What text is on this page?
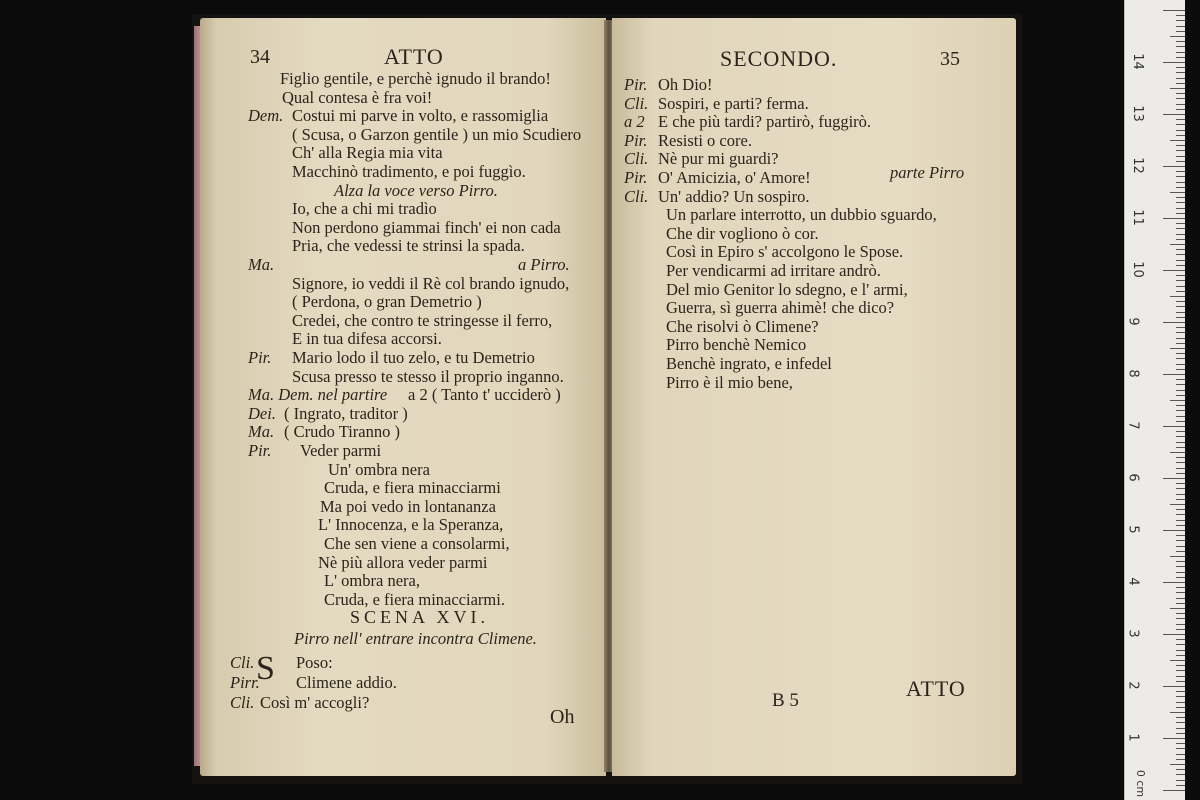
34	ATTO
Figlio gentile, e perchè ignudo il brando!
Qual contesa è fra voi!
Dem. Costui mi parve in volto, e rassomiglia
( Scusa, o Garzon gentile ) un mio Scudiero
Ch' alla Regia mia vita
Macchinò tradimento, e poi fuggìo.
Alza la voce verso Pirro.
Io, che a chi mi tradìo
Non perdono giammai finch' ei non cada
Pria, che vedessi te strinsi la spada.
Ma.	a Pirro.
Signore, io veddi il Rè col brando ignudo,
( Perdona, o gran Demetrio )
Credei, che contro te stringesse il ferro,
E in tua difesa accorsi.
Pir. Mario lodo il tuo zelo, e tu Demetrio
Scusa presso te stesso il proprio inganno.
Ma. Dem. nel partire a 2 ( Tanto t' ucciderò )
Dei. ( Ingrato, traditor )
Ma. ( Crudo Tiranno )
Pir. Veder parmi
Un' ombra nera
Cruda, e fiera minacciarmi
Ma poi vedo in lontananza
L' Innocenza, e la Speranza,
Che sen viene a consolarmi,
Nè più allora veder parmi
L' ombra nera,
Cruda, e fiera minacciarmi.
SCENA XVI.
Pirro nell' entrare incontra Climene.
S
Cli.	Poso:
Pirr. Climene addio.
Cli. Così m' accogli?
Oh
SECONDO.	35
Pir. Oh Dio!
Cli. Sospiri, e parti? ferma.
a 2 E che più tardi? partirò, fuggirò.
Pir. Resisti o core.
Cli. Nè pur mi guardi?
Pir. O' Amicizia, o' Amore!
Cli. Un' addio? Un sospiro.
Un parlare interrotto, un dubbio sguardo,
Che dir vogliono ò cor.
Così in Epiro s' accolgono le Spose.
Per vendicarmi ad irritare andrò.
Del mio Genitor lo sdegno, e l' armi,
Guerra, sì guerra ahimè! che dico?
Che risolvi ò Climene?
Pirro benchè Nemico
Benchè ingrato, e infedel
Pirro è il mio bene,
parte Pirro
B 5	ATTO
0 cm
1
2
3
4
5
6
7
8
9
10
11
12
13
14
